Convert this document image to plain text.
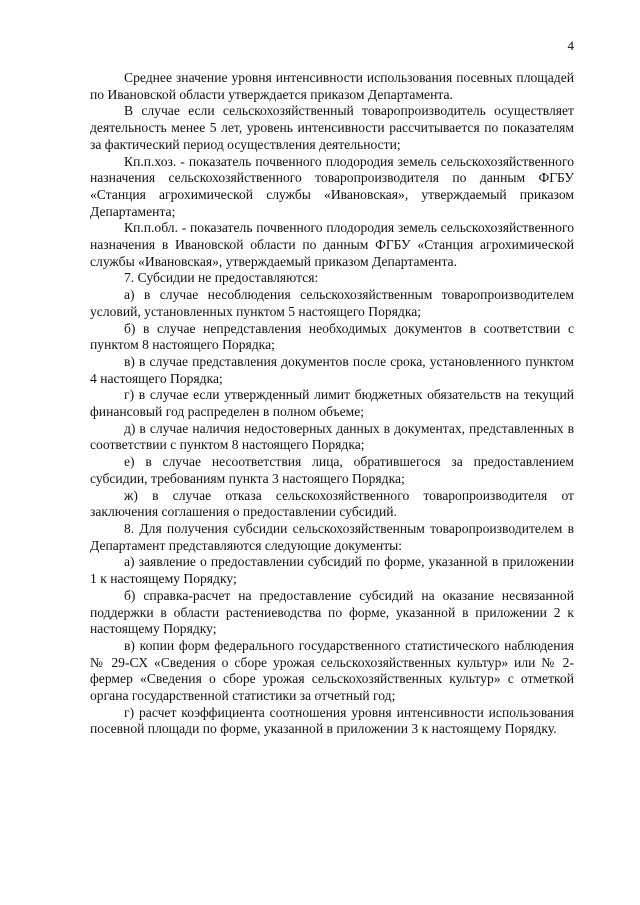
4

Среднее значение уровня интенсивности использования посевных площадей по Ивановской области утверждается приказом Департамента.

В случае если сельскохозяйственный товаропроизводитель осуществляет деятельность менее 5 лет, уровень интенсивности рассчитывается по показателям за фактический период осуществления деятельности;

Кп.п.хоз. - показатель почвенного плодородия земель сельскохозяйственного назначения сельскохозяйственного товаропроизводителя по данным ФГБУ «Станция агрохимической службы «Ивановская», утверждаемый приказом Департамента;

Кп.п.обл. - показатель почвенного плодородия земель сельскохозяйственного назначения в Ивановской области по данным ФГБУ «Станция агрохимической службы «Ивановская», утверждаемый приказом Департамента.

7. Субсидии не предоставляются:

а) в случае несоблюдения сельскохозяйственным товаропроизводителем условий, установленных пунктом 5 настоящего Порядка;

б) в случае непредставления необходимых документов в соответствии с пунктом 8 настоящего Порядка;

в) в случае представления документов после срока, установленного пунктом 4 настоящего Порядка;

г) в случае если утвержденный лимит бюджетных обязательств на текущий финансовый год распределен в полном объеме;

д) в случае наличия недостоверных данных в документах, представленных в соответствии с пунктом 8 настоящего Порядка;

е) в случае несоответствия лица, обратившегося за предоставлением субсидии, требованиям пункта 3 настоящего Порядка;

ж) в случае отказа сельскохозяйственного товаропроизводителя от заключения соглашения о предоставлении субсидий.

8. Для получения субсидии сельскохозяйственным товаропроизводителем в Департамент представляются следующие документы:

а) заявление о предоставлении субсидий по форме, указанной в приложении 1 к настоящему Порядку;

б) справка-расчет на предоставление субсидий на оказание несвязанной поддержки в области растениеводства по форме, указанной в приложении 2 к настоящему Порядку;

в) копии форм федерального государственного статистического наблюдения № 29-СХ «Сведения о сборе урожая сельскохозяйственных культур» или № 2-фермер «Сведения о сборе урожая сельскохозяйственных культур» с отметкой органа государственной статистики за отчетный год;

г) расчет коэффициента соотношения уровня интенсивности использования посевной площади по форме, указанной в приложении 3 к настоящему Порядку.
